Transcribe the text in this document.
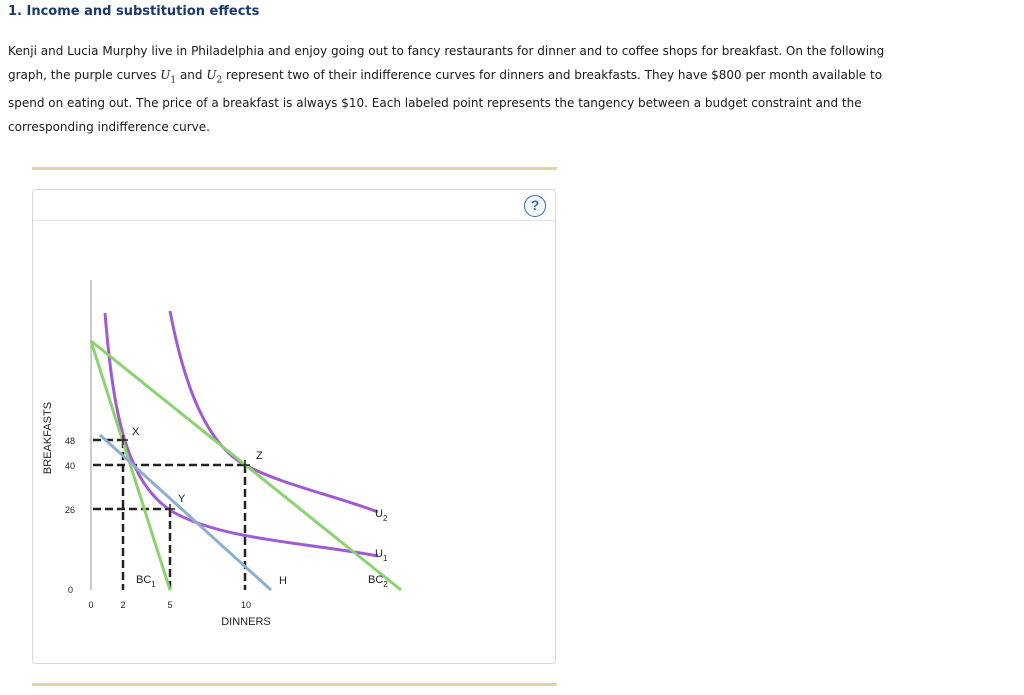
1. Income and substitution effects
Kenji and Lucia Murphy live in Philadelphia and enjoy going out to fancy restaurants for dinner and to coffee shops for breakfast. On the following graph, the purple curves $U_1$ and $U_2$ represent two of their indifference curves for dinners and breakfasts. They have $800 per month available to spend on eating out. The price of a breakfast is always $10. Each labeled point represents the tangency between a budget constraint and the corresponding indifference curve.
?
X
Z
Y
H
$U_2$
$U_1$
$BC_1$	$BC_2$
48
40
26
0
0	2	5	10
BREAKFASTS
DINNERS
